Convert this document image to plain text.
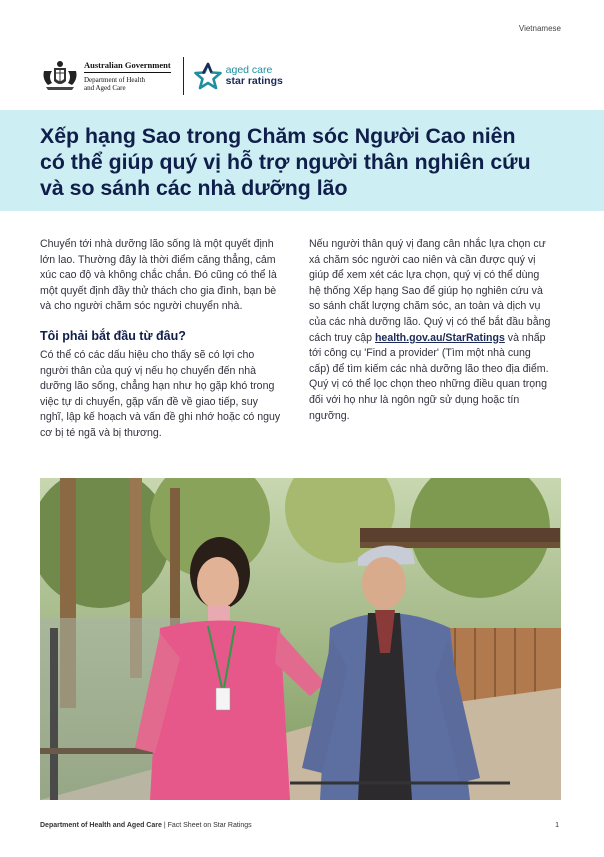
Vietnamese
Australian Government
Department of Health
and Aged Care
aged care
star ratings
Xếp hạng Sao trong Chăm sóc Người Cao niên có thể giúp quý vị hỗ trợ người thân nghiên cứu và so sánh các nhà dưỡng lão

Chuyển tới nhà dưỡng lão sống là một quyết định lớn lao. Thường đây là thời điểm căng thẳng, cảm xúc cao độ và không chắc chắn. Đó cũng có thể là một quyết định đầy thử thách cho gia đình, bạn bè và cho người chăm sóc người chuyển nhà.

Tôi phải bắt đầu từ đâu?

Có thể có các dấu hiệu cho thấy sẽ có lợi cho người thân của quý vị nếu họ chuyển đến nhà dưỡng lão sống, chẳng hạn như họ gặp khó trong việc tự di chuyển, gặp vấn đề về giao tiếp, suy nghĩ, lập kế hoạch và vấn đề ghi nhớ hoặc có nguy cơ bị té ngã và bị thương.

Nếu người thân quý vị đang cân nhắc lựa chọn cư xá chăm sóc người cao niên và cần được quý vị giúp để xem xét các lựa chọn, quý vị có thể dùng hệ thống Xếp hạng Sao để giúp họ nghiên cứu và so sánh chất lượng chăm sóc, an toàn và dịch vụ của các nhà dưỡng lão. Quý vị có thể bắt đầu bằng cách truy cập health.gov.au/StarRatings và nhấp tới công cụ 'Find a provider' (Tìm một nhà cung cấp) để tìm kiếm các nhà dưỡng lão theo địa điểm. Quý vị có thể lọc chọn theo những điều quan trọng đối với họ như là ngôn ngữ sử dụng hoặc tín ngưỡng.

Department of Health and Aged Care | Fact Sheet on Star Ratings	1
